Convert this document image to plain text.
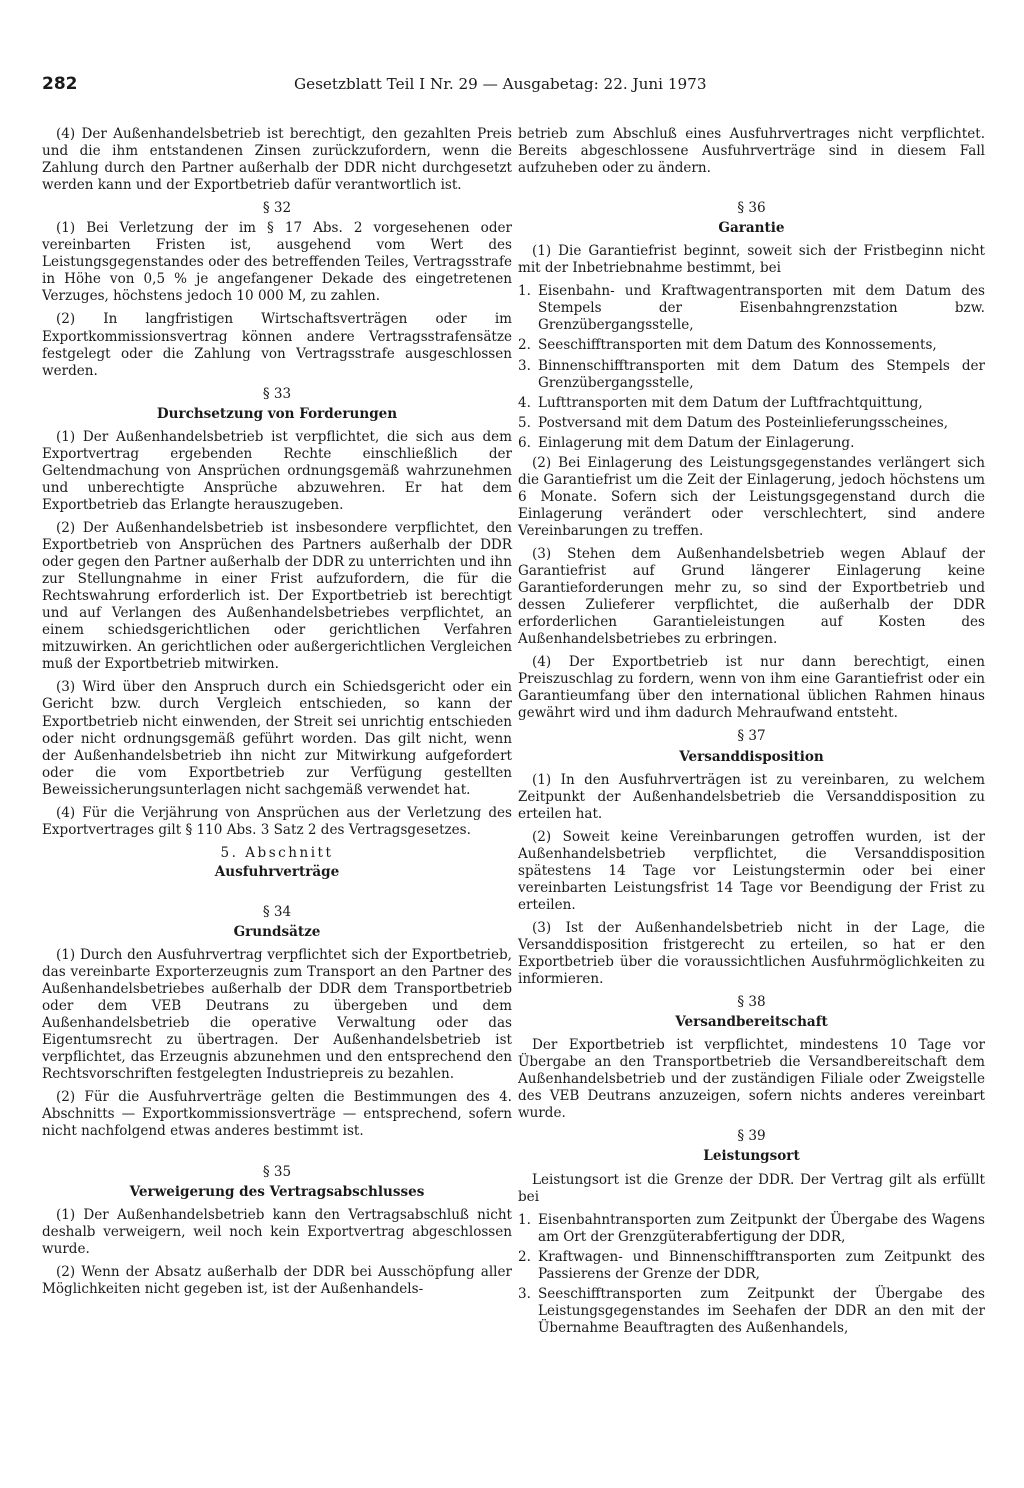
282	Gesetzblatt Teil I Nr. 29 — Ausgabetag: 22. Juni 1973

(4) Der Außenhandelsbetrieb ist berechtigt, den gezahlten Preis und die ihm entstandenen Zinsen zurückzufordern, wenn die Zahlung durch den Partner außerhalb der DDR nicht durchgesetzt werden kann und der Exportbetrieb dafür verantwortlich ist.

§ 32

(1) Bei Verletzung der im § 17 Abs. 2 vorgesehenen oder vereinbarten Fristen ist, ausgehend vom Wert des Leistungsgegenstandes oder des betreffenden Teiles, Vertragsstrafe in Höhe von 0,5 % je angefangener Dekade des eingetretenen Verzuges, höchstens jedoch 10 000 M, zu zahlen.

(2) In langfristigen Wirtschaftsverträgen oder im Exportkommissionsvertrag können andere Vertragsstrafensätze festgelegt oder die Zahlung von Vertragsstrafe ausgeschlossen werden.

§ 33
Durchsetzung von Forderungen

(1) Der Außenhandelsbetrieb ist verpflichtet, die sich aus dem Exportvertrag ergebenden Rechte einschließlich der Geltendmachung von Ansprüchen ordnungsgemäß wahrzunehmen und unberechtigte Ansprüche abzuwehren. Er hat dem Exportbetrieb das Erlangte herauszugeben.

(2) Der Außenhandelsbetrieb ist insbesondere verpflichtet, den Exportbetrieb von Ansprüchen des Partners außerhalb der DDR oder gegen den Partner außerhalb der DDR zu unterrichten und ihn zur Stellungnahme in einer Frist aufzufordern, die für die Rechtswahrung erforderlich ist. Der Exportbetrieb ist berechtigt und auf Verlangen des Außenhandelsbetriebes verpflichtet, an einem schiedsgerichtlichen oder gerichtlichen Verfahren mitzuwirken. An gerichtlichen oder außergerichtlichen Vergleichen muß der Exportbetrieb mitwirken.

(3) Wird über den Anspruch durch ein Schiedsgericht oder ein Gericht bzw. durch Vergleich entschieden, so kann der Exportbetrieb nicht einwenden, der Streit sei unrichtig entschieden oder nicht ordnungsgemäß geführt worden. Das gilt nicht, wenn der Außenhandelsbetrieb ihn nicht zur Mitwirkung aufgefordert oder die vom Exportbetrieb zur Verfügung gestellten Beweissicherungsunterlagen nicht sachgemäß verwendet hat.

(4) Für die Verjährung von Ansprüchen aus der Verletzung des Exportvertrages gilt § 110 Abs. 3 Satz 2 des Vertragsgesetzes.

5. Abschnitt
Ausfuhrverträge
§ 34
Grundsätze

(1) Durch den Ausfuhrvertrag verpflichtet sich der Exportbetrieb, das vereinbarte Exporterzeugnis zum Transport an den Partner des Außenhandelsbetriebes außerhalb der DDR dem Transportbetrieb oder dem VEB Deutrans zu übergeben und dem Außenhandelsbetrieb die operative Verwaltung oder das Eigentumsrecht zu übertragen. Der Außenhandelsbetrieb ist verpflichtet, das Erzeugnis abzunehmen und den entsprechend den Rechtsvorschriften festgelegten Industriepreis zu bezahlen.

(2) Für die Ausfuhrverträge gelten die Bestimmungen des 4. Abschnitts — Exportkommissionsverträge — entsprechend, sofern nicht nachfolgend etwas anderes bestimmt ist.

§ 35
Verweigerung des Vertragsabschlusses

(1) Der Außenhandelsbetrieb kann den Vertragsabschluß nicht deshalb verweigern, weil noch kein Exportvertrag abgeschlossen wurde.

(2) Wenn der Absatz außerhalb der DDR bei Ausschöpfung aller Möglichkeiten nicht gegeben ist, ist der Außenhandels-

betrieb zum Abschluß eines Ausfuhrvertrages nicht verpflichtet. Bereits abgeschlossene Ausfuhrverträge sind in diesem Fall aufzuheben oder zu ändern.

§ 36
Garantie

(1) Die Garantiefrist beginnt, soweit sich der Fristbeginn nicht mit der Inbetriebnahme bestimmt, bei

1. Eisenbahn- und Kraftwagentransporten mit dem Datum des Stempels der Eisenbahngrenzstation bzw. Grenzübergangsstelle,
2. Seeschifftransporten mit dem Datum des Konnossements,
3. Binnenschifftransporten mit dem Datum des Stempels der Grenzübergangsstelle,
4. Lufttransporten mit dem Datum der Luftfrachtquittung,
5. Postversand mit dem Datum des Posteinlieferungsscheines,
6. Einlagerung mit dem Datum der Einlagerung.

(2) Bei Einlagerung des Leistungsgegenstandes verlängert sich die Garantiefrist um die Zeit der Einlagerung, jedoch höchstens um 6 Monate. Sofern sich der Leistungsgegenstand durch die Einlagerung verändert oder verschlechtert, sind andere Vereinbarungen zu treffen.

(3) Stehen dem Außenhandelsbetrieb wegen Ablauf der Garantiefrist auf Grund längerer Einlagerung keine Garantieforderungen mehr zu, so sind der Exportbetrieb und dessen Zulieferer verpflichtet, die außerhalb der DDR erforderlichen Garantieleistungen auf Kosten des Außenhandelsbetriebes zu erbringen.

(4) Der Exportbetrieb ist nur dann berechtigt, einen Preiszuschlag zu fordern, wenn von ihm eine Garantiefrist oder ein Garantieumfang über den international üblichen Rahmen hinaus gewährt wird und ihm dadurch Mehraufwand entsteht.

§ 37
Versanddisposition

(1) In den Ausfuhrverträgen ist zu vereinbaren, zu welchem Zeitpunkt der Außenhandelsbetrieb die Versanddisposition zu erteilen hat.

(2) Soweit keine Vereinbarungen getroffen wurden, ist der Außenhandelsbetrieb verpflichtet, die Versanddisposition spätestens 14 Tage vor Leistungstermin oder bei einer vereinbarten Leistungsfrist 14 Tage vor Beendigung der Frist zu erteilen.

(3) Ist der Außenhandelsbetrieb nicht in der Lage, die Versanddisposition fristgerecht zu erteilen, so hat er den Exportbetrieb über die voraussichtlichen Ausfuhrmöglichkeiten zu informieren.

§ 38
Versandbereitschaft

Der Exportbetrieb ist verpflichtet, mindestens 10 Tage vor Übergabe an den Transportbetrieb die Versandbereitschaft dem Außenhandelsbetrieb und der zuständigen Filiale oder Zweigstelle des VEB Deutrans anzuzeigen, sofern nichts anderes vereinbart wurde.

§ 39
Leistungsort

Leistungsort ist die Grenze der DDR. Der Vertrag gilt als erfüllt bei

1. Eisenbahntransporten zum Zeitpunkt der Übergabe des Wagens am Ort der Grenzgüterabfertigung der DDR,
2. Kraftwagen- und Binnenschifftransporten zum Zeitpunkt des Passierens der Grenze der DDR,
3. Seeschifftransporten zum Zeitpunkt der Übergabe des Leistungsgegenstandes im Seehafen der DDR an den mit der Übernahme Beauftragten des Außenhandels,
